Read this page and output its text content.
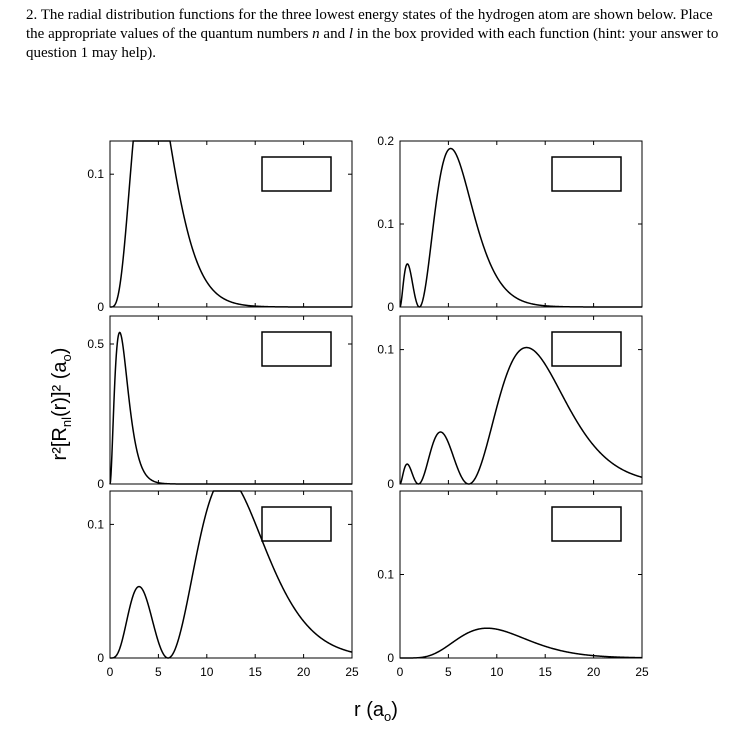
2. The radial distribution functions for the three lowest energy states of the hydrogen atom are shown below. Place the appropriate values of the quantum numbers n and l in the box provided with each function (hint: your answer to question 1 may help).

0
0.1
0
0.5
0
0.1
0	5	10	15	20	25
0
0.1
0.2
0
0.1
0
0.1
0	5	10	15	20	25
$r^2[R_{nl}(r)]^2$ $(a_o)$
r $(a_o)$
